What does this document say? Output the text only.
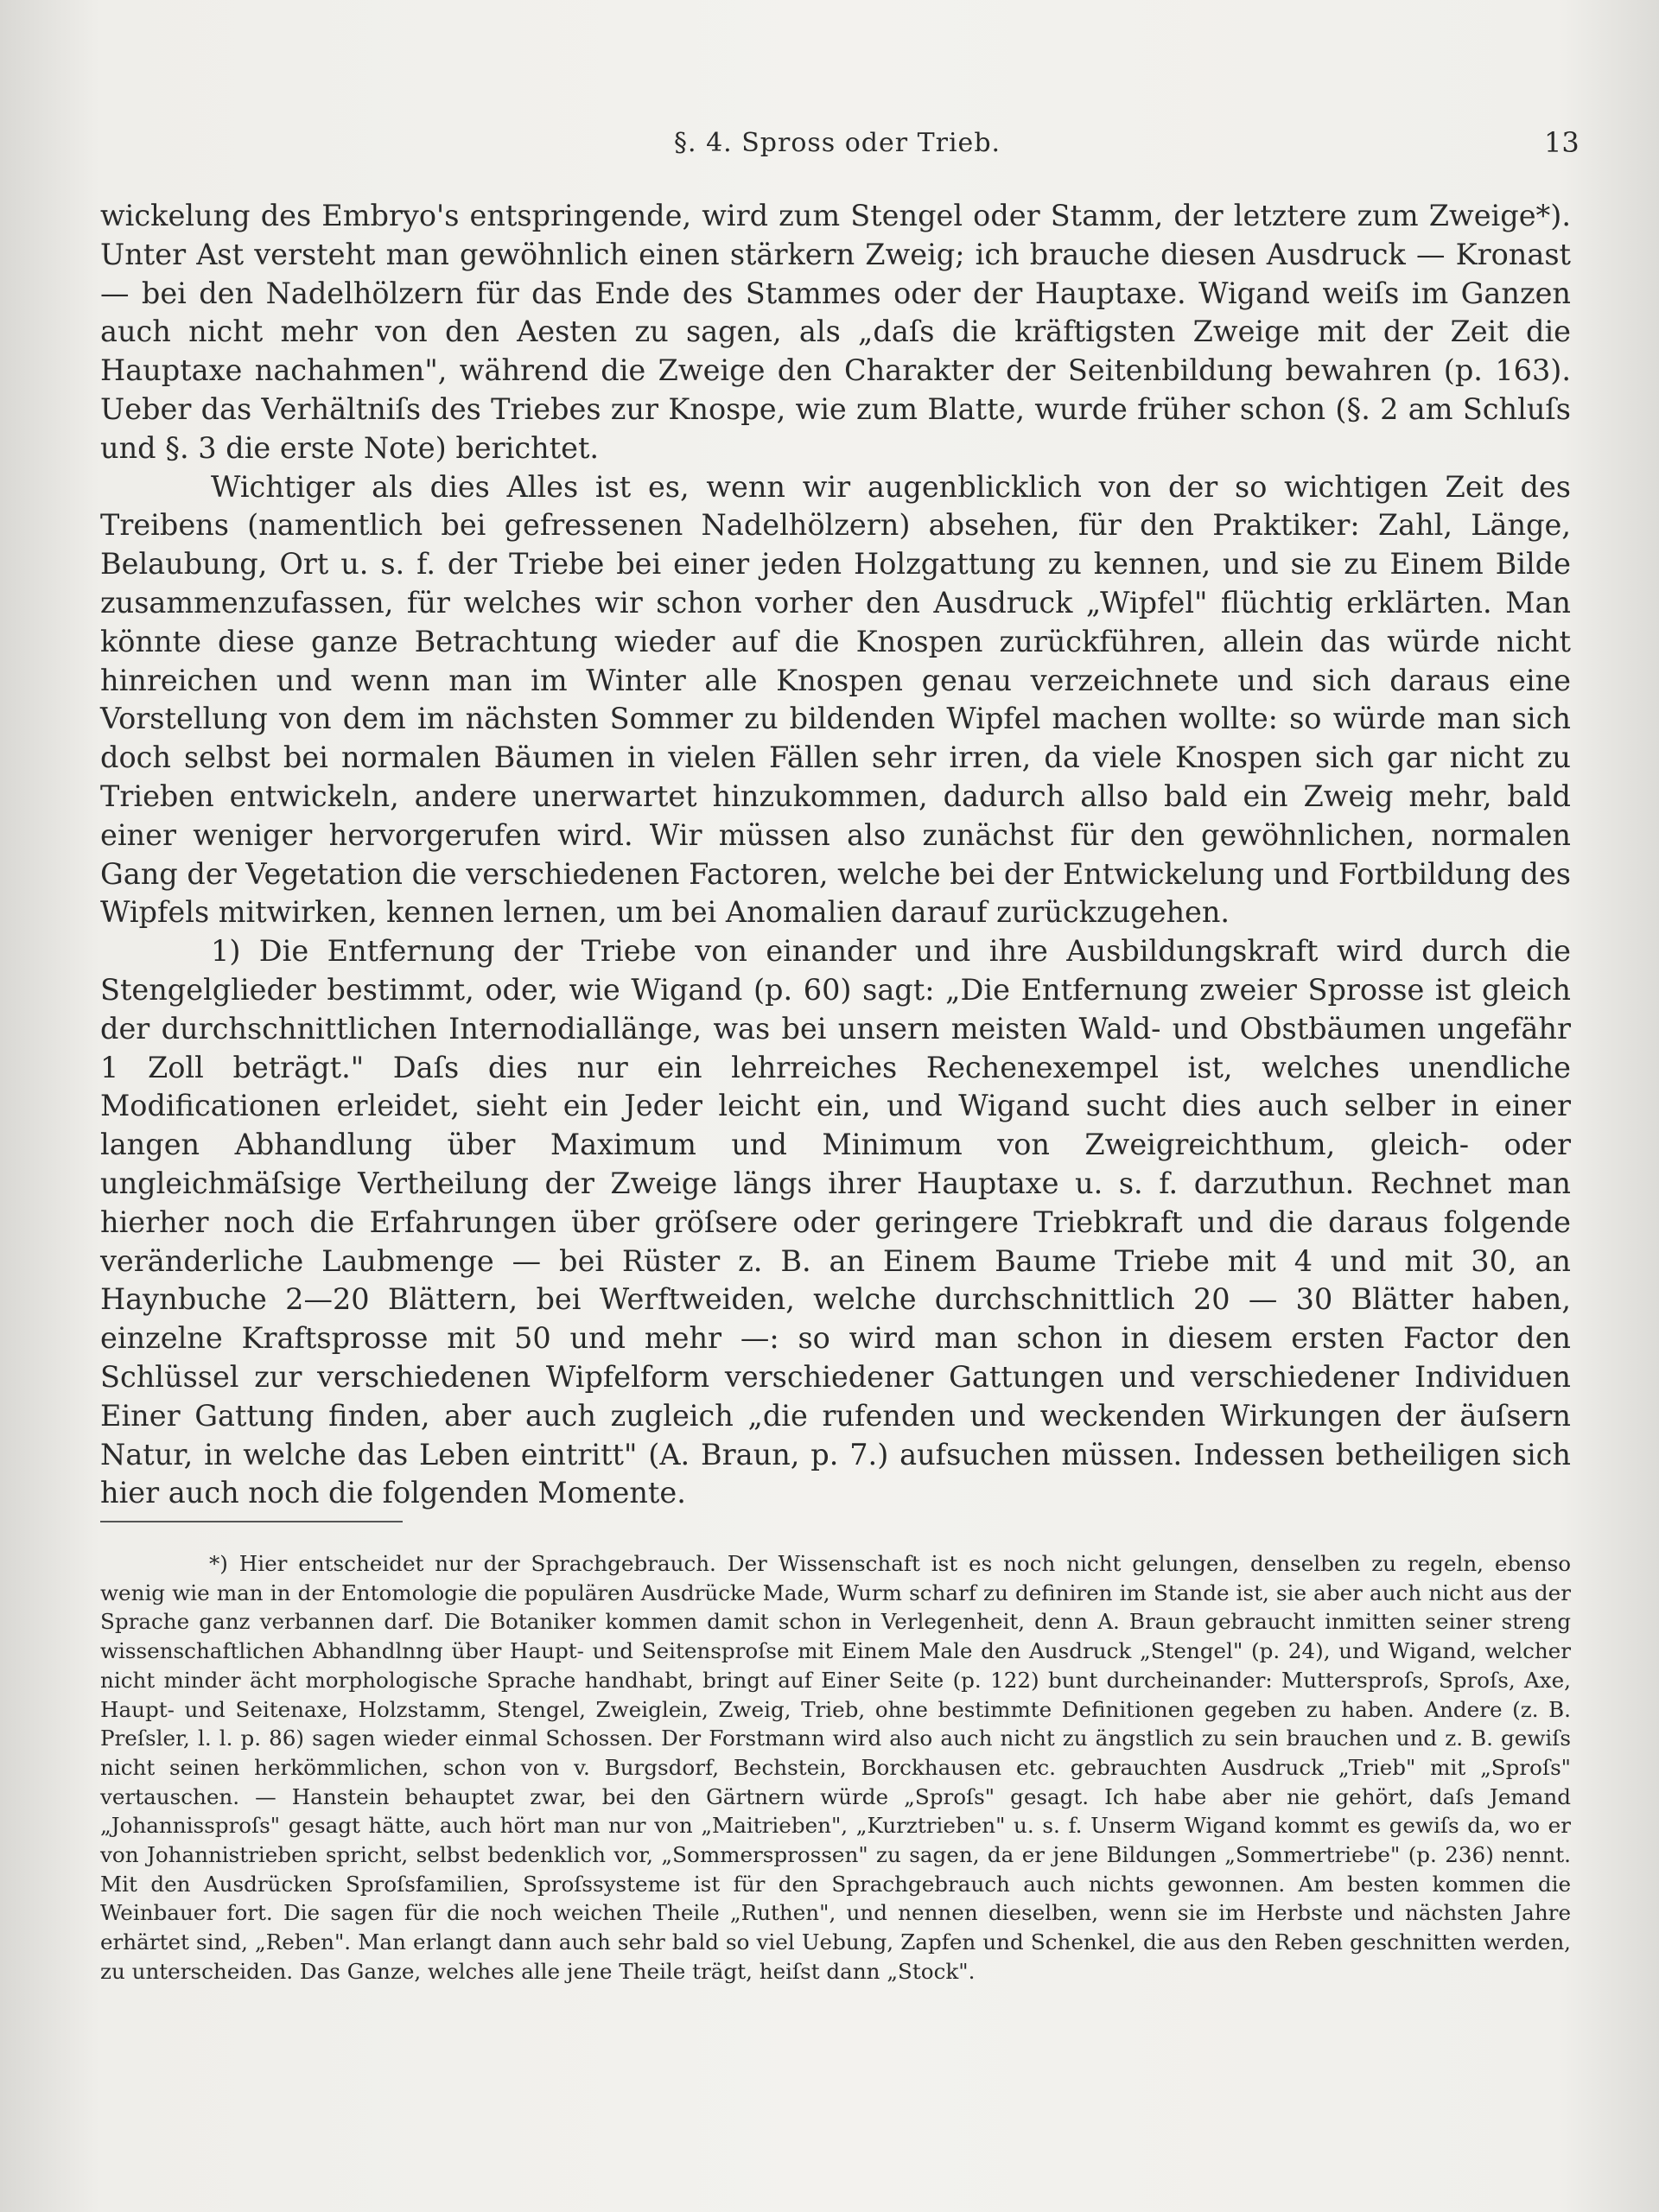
§. 4. Spross oder Trieb.	13

wickelung des Embryo's entspringende, wird zum Stengel oder Stamm, der letztere zum Zweige*). Unter Ast versteht man gewöhnlich einen stärkern Zweig; ich brauche diesen Ausdruck — Kronast — bei den Nadelhölzern für das Ende des Stammes oder der Hauptaxe. Wigand weiſs im Ganzen auch nicht mehr von den Aesten zu sagen, als „daſs die kräftigsten Zweige mit der Zeit die Hauptaxe nachahmen", während die Zweige den Charakter der Seitenbildung bewahren (p. 163). Ueber das Verhältniſs des Triebes zur Knospe, wie zum Blatte, wurde früher schon (§. 2 am Schluſs und §. 3 die erste Note) berichtet.

Wichtiger als dies Alles ist es, wenn wir augenblicklich von der so wichtigen Zeit des Treibens (namentlich bei gefressenen Nadelhölzern) absehen, für den Praktiker: Zahl, Länge, Belaubung, Ort u. s. f. der Triebe bei einer jeden Holzgattung zu kennen, und sie zu Einem Bilde zusammenzufassen, für welches wir schon vorher den Ausdruck „Wipfel" flüchtig erklärten. Man könnte diese ganze Betrachtung wieder auf die Knospen zurückführen, allein das würde nicht hinreichen und wenn man im Winter alle Knospen genau verzeichnete und sich daraus eine Vorstellung von dem im nächsten Sommer zu bildenden Wipfel machen wollte: so würde man sich doch selbst bei normalen Bäumen in vielen Fällen sehr irren, da viele Knospen sich gar nicht zu Trieben entwickeln, andere unerwartet hinzukommen, dadurch allso bald ein Zweig mehr, bald einer weniger hervorgerufen wird. Wir müssen also zunächst für den gewöhnlichen, normalen Gang der Vegetation die verschiedenen Factoren, welche bei der Entwickelung und Fortbildung des Wipfels mitwirken, kennen lernen, um bei Anomalien darauf zurückzugehen.

1) Die Entfernung der Triebe von einander und ihre Ausbildungskraft wird durch die Stengelglieder bestimmt, oder, wie Wigand (p. 60) sagt: „Die Entfernung zweier Sprosse ist gleich der durchschnittlichen Internodiallänge, was bei unsern meisten Wald- und Obstbäumen ungefähr 1 Zoll beträgt." Daſs dies nur ein lehrreiches Rechenexempel ist, welches unendliche Modificationen erleidet, sieht ein Jeder leicht ein, und Wigand sucht dies auch selber in einer langen Abhandlung über Maximum und Minimum von Zweigreichthum, gleich- oder ungleichmäſsige Vertheilung der Zweige längs ihrer Hauptaxe u. s. f. darzuthun. Rechnet man hierher noch die Erfahrungen über gröſsere oder geringere Triebkraft und die daraus folgende veränderliche Laubmenge — bei Rüster z. B. an Einem Baume Triebe mit 4 und mit 30, an Haynbuche 2—20 Blättern, bei Werftweiden, welche durchschnittlich 20 — 30 Blätter haben, einzelne Kraftsprosse mit 50 und mehr —: so wird man schon in diesem ersten Factor den Schlüssel zur verschiedenen Wipfelform verschiedener Gattungen und verschiedener Individuen Einer Gattung finden, aber auch zugleich „die rufenden und weckenden Wirkungen der äuſsern Natur, in welche das Leben eintritt" (A. Braun, p. 7.) aufsuchen müssen. Indessen betheiligen sich hier auch noch die folgenden Momente.

*) Hier entscheidet nur der Sprachgebrauch. Der Wissenschaft ist es noch nicht gelungen, denselben zu regeln, ebenso wenig wie man in der Entomologie die populären Ausdrücke Made, Wurm scharf zu definiren im Stande ist, sie aber auch nicht aus der Sprache ganz verbannen darf. Die Botaniker kommen damit schon in Verlegenheit, denn A. Braun gebraucht inmitten seiner streng wissenschaftlichen Abhandlnng über Haupt- und Seitensproſse mit Einem Male den Ausdruck „Stengel" (p. 24), und Wigand, welcher nicht minder ächt morphologische Sprache handhabt, bringt auf Einer Seite (p. 122) bunt durcheinander: Muttersproſs, Sproſs, Axe, Haupt- und Seitenaxe, Holzstamm, Stengel, Zweiglein, Zweig, Trieb, ohne bestimmte Definitionen gegeben zu haben. Andere (z. B. Preſsler, l. l. p. 86) sagen wieder einmal Schossen. Der Forstmann wird also auch nicht zu ängstlich zu sein brauchen und z. B. gewiſs nicht seinen herkömmlichen, schon von v. Burgsdorf, Bechstein, Borckhausen etc. gebrauchten Ausdruck „Trieb" mit „Sproſs" vertauschen. — Hanstein behauptet zwar, bei den Gärtnern würde „Sproſs" gesagt. Ich habe aber nie gehört, daſs Jemand „Johannissproſs" gesagt hätte, auch hört man nur von „Maitrieben", „Kurztrieben" u. s. f. Unserm Wigand kommt es gewiſs da, wo er von Johannistrieben spricht, selbst bedenklich vor, „Sommersprossen" zu sagen, da er jene Bildungen „Sommertriebe" (p. 236) nennt. Mit den Ausdrücken Sproſsfamilien, Sproſssysteme ist für den Sprachgebrauch auch nichts gewonnen. Am besten kommen die Weinbauer fort. Die sagen für die noch weichen Theile „Ruthen", und nennen dieselben, wenn sie im Herbste und nächsten Jahre erhärtet sind, „Reben". Man erlangt dann auch sehr bald so viel Uebung, Zapfen und Schenkel, die aus den Reben geschnitten werden, zu unterscheiden. Das Ganze, welches alle jene Theile trägt, heiſst dann „Stock".
